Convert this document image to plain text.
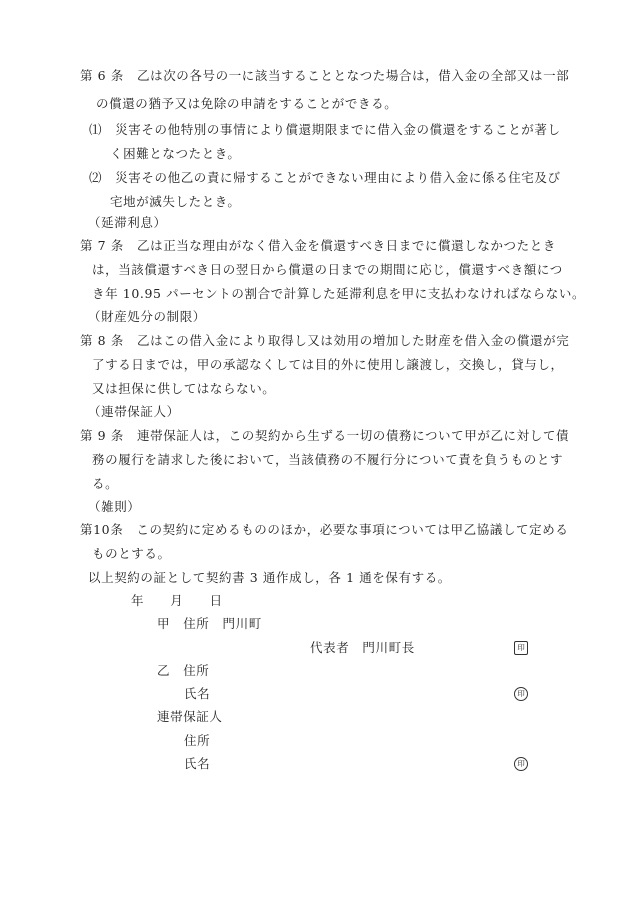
第 6 条　乙は次の各号の一に該当することとなつた場合は，借入金の全部又は一部
の償還の猶予又は免除の申請をすることができる。
⑴　災害その他特別の事情により償還期限までに借入金の償還をすることが著し
く困難となつたとき。
⑵　災害その他乙の責に帰することができない理由により借入金に係る住宅及び
宅地が滅失したとき。
（延滞利息）
第 7 条　乙は正当な理由がなく借入金を償還すべき日までに償還しなかつたとき
は，当該償還すべき日の翌日から償還の日までの期間に応じ，償還すべき額につ
き年 10.95 パーセントの割合で計算した延滞利息を甲に支払わなければならない。
（財産処分の制限）
第 8 条　乙はこの借入金により取得し又は効用の増加した財産を借入金の償還が完
了する日までは，甲の承認なくしては目的外に使用し譲渡し，交換し，貸与し，
又は担保に供してはならない。
（連帯保証人）
第 9 条　連帯保証人は，この契約から生ずる一切の債務について甲が乙に対して債
務の履行を請求した後において，当該債務の不履行分について責を負うものとす
る。
（雑則）
第10条　この契約に定めるもののほか，必要な事項については甲乙協議して定める
ものとする。
以上契約の証として契約書 3 通作成し，各 1 通を保有する。
年　　月　　日
甲　住所　門川町
代表者　門川町長	印
乙　住所
氏名	印
連帯保証人
住所
氏名	印
